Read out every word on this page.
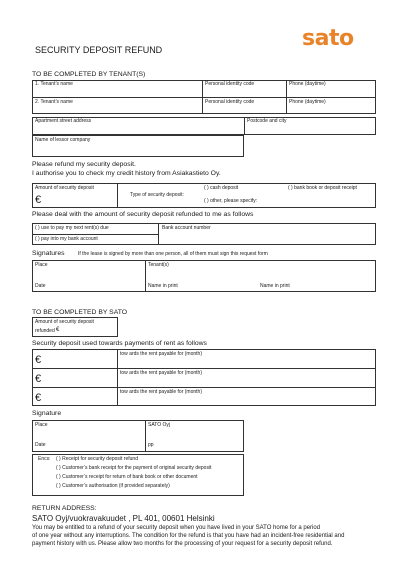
SECURITY DEPOSIT REFUND	sato
TO BE COMPLETED BY TENANT(S)
1. Tenant’s name	Personal identity code	Phone (daytime)
2. Tenant’s name	Personal identity code	Phone (daytime)
Apartment street address	Postcode and city
Name of lessor company
Please refund my security deposit.
I authorise you to check my credit history from Asiakastieto Oy.
Amount of security deposit
€	Type of security deposit:
( ) cash deposit	( ) bank book or deposit receipt
( ) other, please specify:
Please deal with the amount of security deposit refunded to me as follows
( ) use to pay my next rent(s) due
( ) pay into my bank account
Bank account number
Signatures	If the lease is signed by more than one person, all of them must sign this request form
Place	Tenant(s)
Date	Name in print	Name in print
TO BE COMPLETED BY SATO
Amount of security deposit
refunded €
Security deposit used towards payments of rent as follows
€	tow ards the rent payable for (month)
€	tow ards the rent payable for (month)
€	tow ards the rent payable for (month)
Signature
Place	SATO Oyj
Date	pp
Encs: ( ) Receipt for security deposit refund
( ) Customer’s bank receipt for the payment of original security deposit
( ) Customer’s receipt for return of bank book or other document
( ) Customer’s authorisation (if provided separately)
RETURN ADDRESS:
SATO Oyj/vuokravakuudet , PL 401, 00601 Helsinki
You may be entitled to a refund of your security deposit when you have lived in your SATO home for a period
of one year without any interruptions. The condition for the refund is that you have had an incident-free residential and
payment history with us. Please allow two months for the processing of your request for a security deposit refund.
